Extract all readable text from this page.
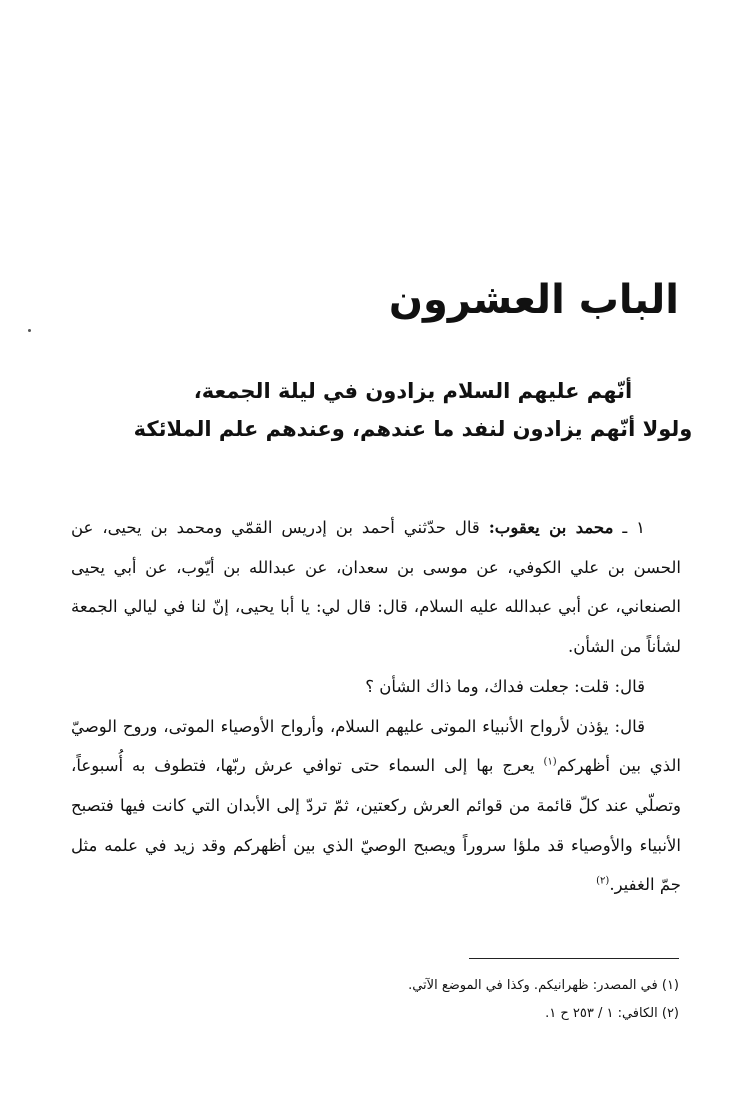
الباب العشرون
أنّهم عليهم السلام يزادون في ليلة الجمعة،
ولولا أنّهم يزادون لنفد ما عندهم، وعندهم علم الملائكة

١ ـ محمد بن يعقوب: قال حدّثني أحمد بن إدريس القمّي ومحمد بن يحيى، عن الحسن بن علي الكوفي، عن موسى بن سعدان، عن عبدالله بن أيّوب، عن أبي يحيى الصنعاني، عن أبي عبدالله عليه السلام، قال: قال لي: يا أبا يحيى، إنّ لنا في ليالي الجمعة لشأناً من الشأن.

قال: قلت: جعلت فداك، وما ذاك الشأن ؟

قال: يؤذن لأرواح الأنبياء الموتى عليهم السلام، وأرواح الأوصياء الموتى، وروح الوصيّ الذي بين أظهركم$^{(١)}$ يعرج بها إلى السماء حتى توافي عرش ربّها، فتطوف به أُسبوعاً، وتصلّي عند كلّ قائمة من قوائم العرش ركعتين، ثمّ تردّ إلى الأبدان التي كانت فيها فتصبح الأنبياء والأوصياء قد ملؤا سروراً ويصبح الوصيّ الذي بين أظهركم وقد زيد في علمه مثل جمّ الغفير.$^{(٢)}$

(١) في المصدر: ظهرانيكم. وكذا في الموضع الآتي.
(٢) الكافي: ١ / ٢٥٣ ح ١.
